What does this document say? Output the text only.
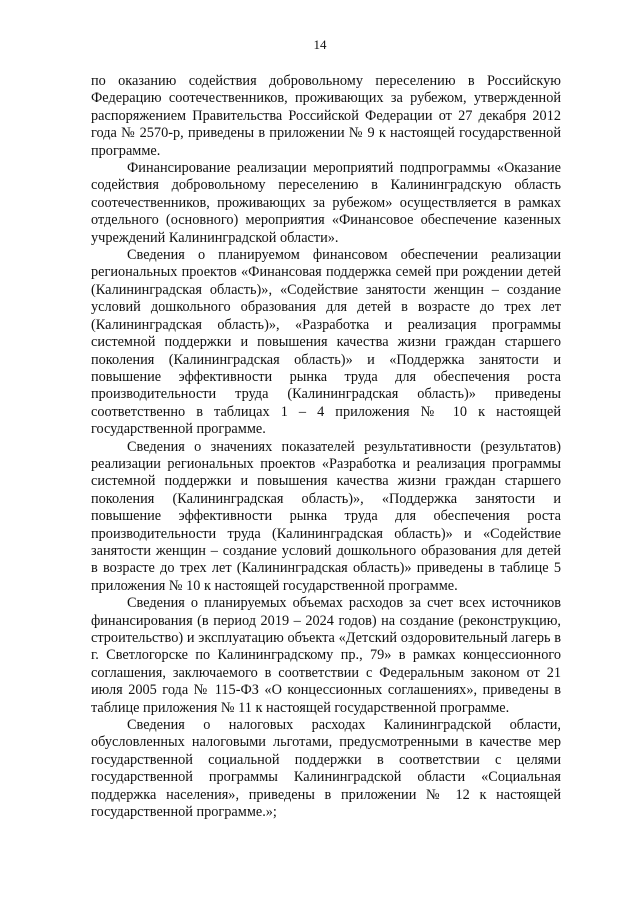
14

по оказанию содействия добровольному переселению в Российскую Федерацию соотечественников, проживающих за рубежом, утвержденной распоряжением Правительства Российской Федерации от 27 декабря 2012 года № 2570-р, приведены в приложении № 9 к настоящей государственной программе.

Финансирование реализации мероприятий подпрограммы «Оказание содействия добровольному переселению в Калининградскую область соотечественников, проживающих за рубежом» осуществляется в рамках отдельного (основного) мероприятия «Финансовое обеспечение казенных учреждений Калининградской области».

Сведения о планируемом финансовом обеспечении реализации региональных проектов «Финансовая поддержка семей при рождении детей (Калининградская область)», «Содействие занятости женщин – создание условий дошкольного образования для детей в возрасте до трех лет (Калининградская область)», «Разработка и реализация программы системной поддержки и повышения качества жизни граждан старшего поколения (Калининградская область)» и «Поддержка занятости и повышение эффективности рынка труда для обеспечения роста производительности труда (Калининградская область)» приведены соответственно в таблицах 1 – 4 приложения № 10 к настоящей государственной программе.

Сведения о значениях показателей результативности (результатов) реализации региональных проектов «Разработка и реализация программы системной поддержки и повышения качества жизни граждан старшего поколения (Калининградская область)», «Поддержка занятости и повышение эффективности рынка труда для обеспечения роста производительности труда (Калининградская область)» и «Содействие занятости женщин – создание условий дошкольного образования для детей в возрасте до трех лет (Калининградская область)» приведены в таблице 5 приложения № 10 к настоящей государственной программе.

Сведения о планируемых объемах расходов за счет всех источников финансирования (в период 2019 – 2024 годов) на создание (реконструкцию, строительство) и эксплуатацию объекта «Детский оздоровительный лагерь в г. Светлогорске по Калининградскому пр., 79» в рамках концессионного соглашения, заключаемого в соответствии с Федеральным законом от 21 июля 2005 года № 115-ФЗ «О концессионных соглашениях», приведены в таблице приложения № 11 к настоящей государственной программе.

Сведения о налоговых расходах Калининградской области, обусловленных налоговыми льготами, предусмотренными в качестве мер государственной социальной поддержки в соответствии с целями государственной программы Калининградской области «Социальная поддержка населения», приведены в приложении № 12 к настоящей государственной программе.»;
